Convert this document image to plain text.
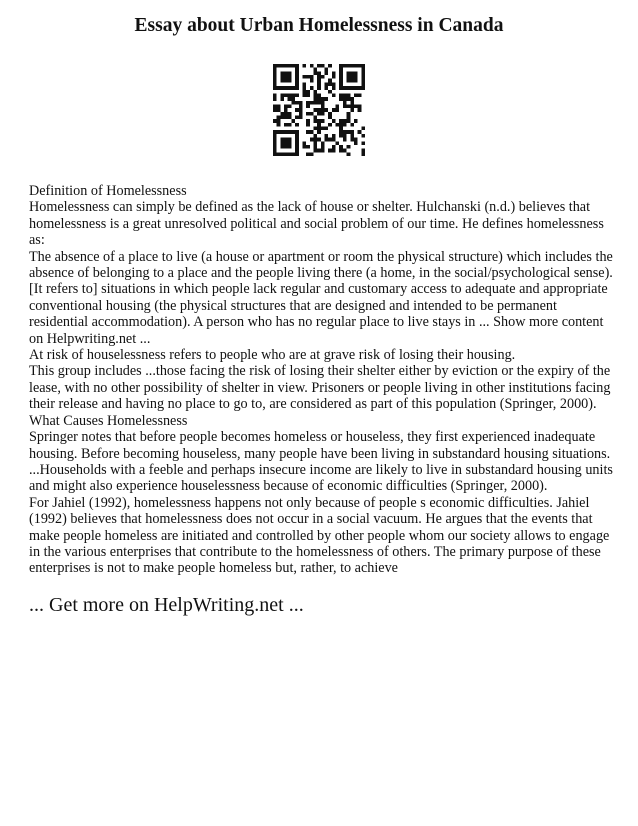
Essay about Urban Homelessness in Canada

Definition of Homelessness

Homelessness can simply be defined as the lack of house or shelter. Hulchanski (n.d.) believes that homelessness is a great unresolved political and social problem of our time. He defines homelessness as:

The absence of a place to live (a house or apartment or room the physical structure) which includes the absence of belonging to a place and the people living there (a home, in the social/psychological sense). [It refers to] situations in which people lack regular and customary access to adequate and appropriate conventional housing (the physical structures that are designed and intended to be permanent residential accommodation). A person who has no regular place to live stays in ... Show more content on Helpwriting.net ...

At risk of houselessness refers to people who are at grave risk of losing their housing.

This group includes ...those facing the risk of losing their shelter either by eviction or the expiry of the lease, with no other possibility of shelter in view. Prisoners or people living in other institutions facing their release and having no place to go to, are considered as part of this population (Springer, 2000).

What Causes Homelessness

Springer notes that before people becomes homeless or houseless, they first experienced inadequate housing. Before becoming houseless, many people have been living in substandard housing situations. ...Households with a feeble and perhaps insecure income are likely to live in substandard housing units and might also experience houselessness because of economic difficulties (Springer, 2000).

For Jahiel (1992), homelessness happens not only because of people s economic difficulties. Jahiel (1992) believes that homelessness does not occur in a social vacuum. He argues that the events that make people homeless are initiated and controlled by other people whom our society allows to engage in the various enterprises that contribute to the homelessness of others. The primary purpose of these enterprises is not to make people homeless but, rather, to achieve

... Get more on HelpWriting.net ...
